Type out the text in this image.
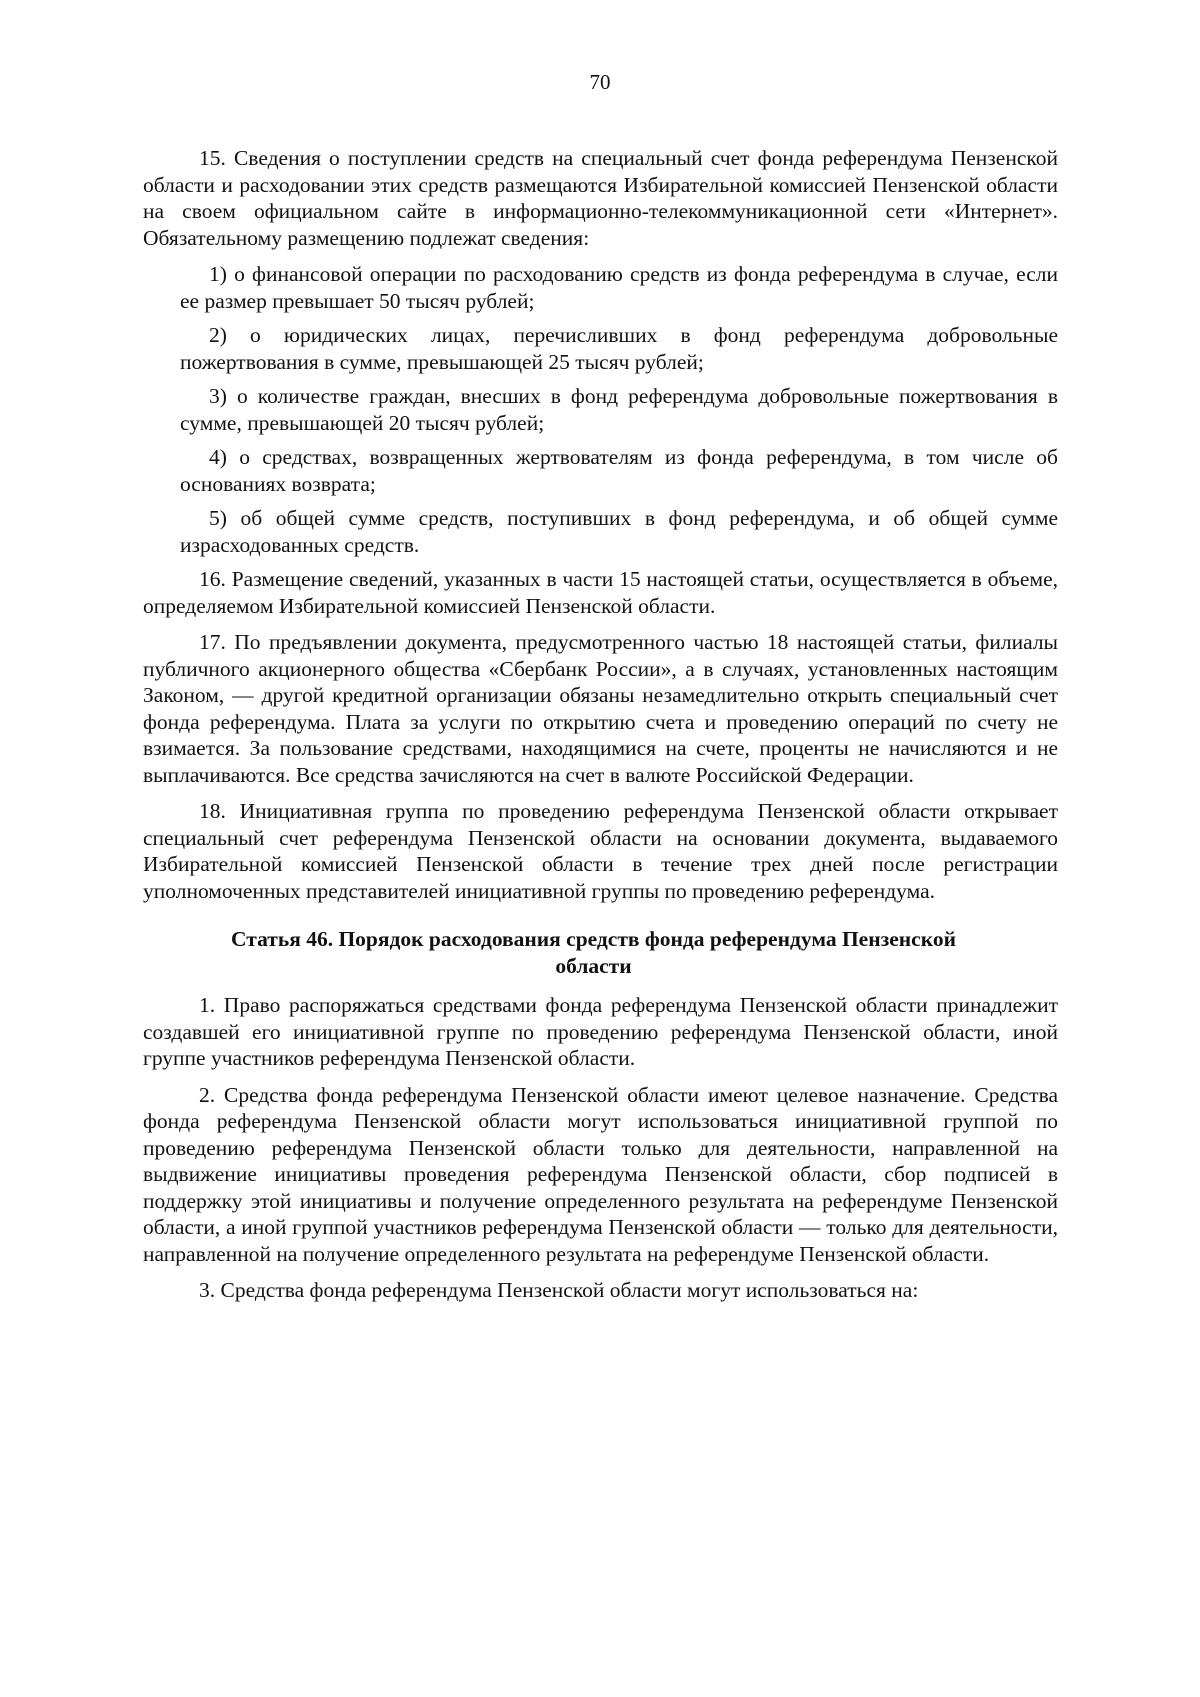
70

15. Сведения о поступлении средств на специальный счет фонда референдума Пензенской области и расходовании этих средств размещаются Избирательной комиссией Пензенской области на своем официальном сайте в информационно-телекоммуникационной сети «Интернет». Обязательному размещению подлежат сведения:

1) о финансовой операции по расходованию средств из фонда референдума в случае, если ее размер превышает 50 тысяч рублей;

2) о юридических лицах, перечисливших в фонд референдума добровольные пожертвования в сумме, превышающей 25 тысяч рублей;

3) о количестве граждан, внесших в фонд референдума добровольные пожертвования в сумме, превышающей 20 тысяч рублей;

4) о средствах, возвращенных жертвователям из фонда референдума, в том числе об основаниях возврата;

5) об общей сумме средств, поступивших в фонд референдума, и об общей сумме израсходованных средств.

16. Размещение сведений, указанных в части 15 настоящей статьи, осуществляется в объеме, определяемом Избирательной комиссией Пензенской области.

17. По предъявлении документа, предусмотренного частью 18 настоящей статьи, филиалы публичного акционерного общества «Сбербанк России», а в случаях, установленных настоящим Законом, — другой кредитной организации обязаны незамедлительно открыть специальный счет фонда референдума. Плата за услуги по открытию счета и проведению операций по счету не взимается. За пользование средствами, находящимися на счете, проценты не начисляются и не выплачиваются. Все средства зачисляются на счет в валюте Российской Федерации.

18. Инициативная группа по проведению референдума Пензенской области открывает специальный счет референдума Пензенской области на основании документа, выдаваемого Избирательной комиссией Пензенской области в течение трех дней после регистрации уполномоченных представителей инициативной группы по проведению референдума.

Статья 46. Порядок расходования средств фонда референдума Пензенской области

1. Право распоряжаться средствами фонда референдума Пензенской области принадлежит создавшей его инициативной группе по проведению референдума Пензенской области, иной группе участников референдума Пензенской области.

2. Средства фонда референдума Пензенской области имеют целевое назначение. Средства фонда референдума Пензенской области могут использоваться инициативной группой по проведению референдума Пензенской области только для деятельности, направленной на выдвижение инициативы проведения референдума Пензенской области, сбор подписей в поддержку этой инициативы и получение определенного результата на референдуме Пензенской области, а иной группой участников референдума Пензенской области — только для деятельности, направленной на получение определенного результата на референдуме Пензенской области.

3. Средства фонда референдума Пензенской области могут использоваться на:
